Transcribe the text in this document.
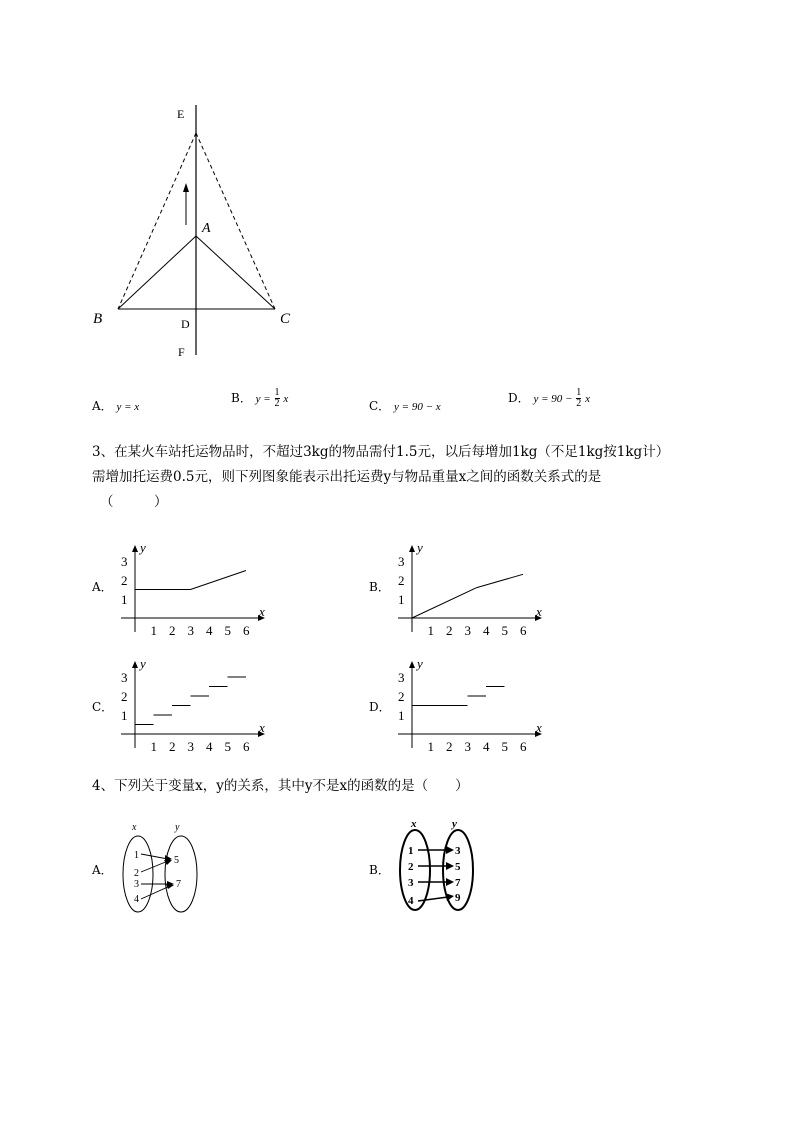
E
A
B	C
D
F
A． y = x
B． $y = \frac{1}{2}$ x	C． y = 90 − x
D． $y = 90 - \frac{1}{2}$ x
3、在某火车站托运物品时，不超过3kg的物品需付1.5元，以后每增加1kg（不足1kg按1kg计）
需增加托运费0.5元，则下列图象能表示出托运费y与物品重量x之间的函数关系式的是
（　　　）
A．
x
y
1 2 3 4 5 6
1
2
3
B．
x
y
1 2 3 4 5 6
1
2
3
C．
x
y
1 2 3 4 5 6
1
2
3
D．
x
y
1 2 3 4 5 6
1
2
3
4、下列关于变量x，y的关系，其中y不是x的函数的是（　　）
A．
x	y
1
2
3
4
5
7
B．
x	y
1
2
3
4
3
5
7
9
